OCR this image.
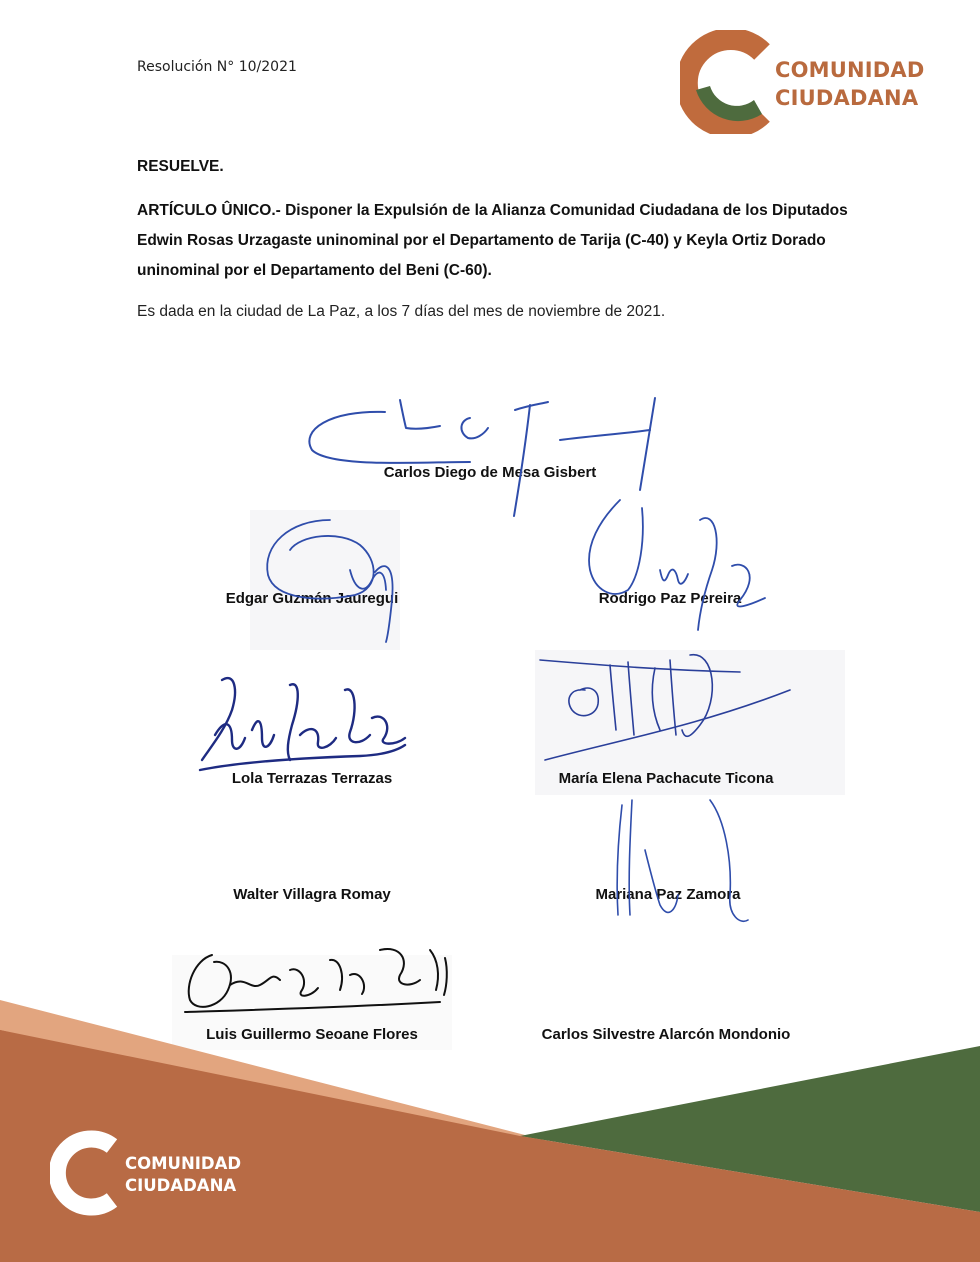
Resolución N° 10/2021	COMUNIDAD
CIUDADANA
RESUELVE.
ARTÍCULO ÛNICO.- Disponer la Expulsión de la Alianza Comunidad Ciudadana de los Diputados Edwin Rosas Urzagaste uninominal por el Departamento de Tarija (C-40) y Keyla Ortiz Dorado uninominal por el Departamento del Beni (C-60).
Es dada en la ciudad de La Paz, a los 7 días del mes de noviembre de 2021.
COMUNIDAD
CIUDADANA
Carlos Diego de Mesa Gisbert
Edgar Guzmán Jauregui	Rodrigo Paz Pereira
Lola Terrazas Terrazas	María Elena Pachacute Ticona
Walter Villagra Romay	Mariana Paz Zamora
Luis Guillermo Seoane Flores	Carlos Silvestre Alarcón Mondonio
